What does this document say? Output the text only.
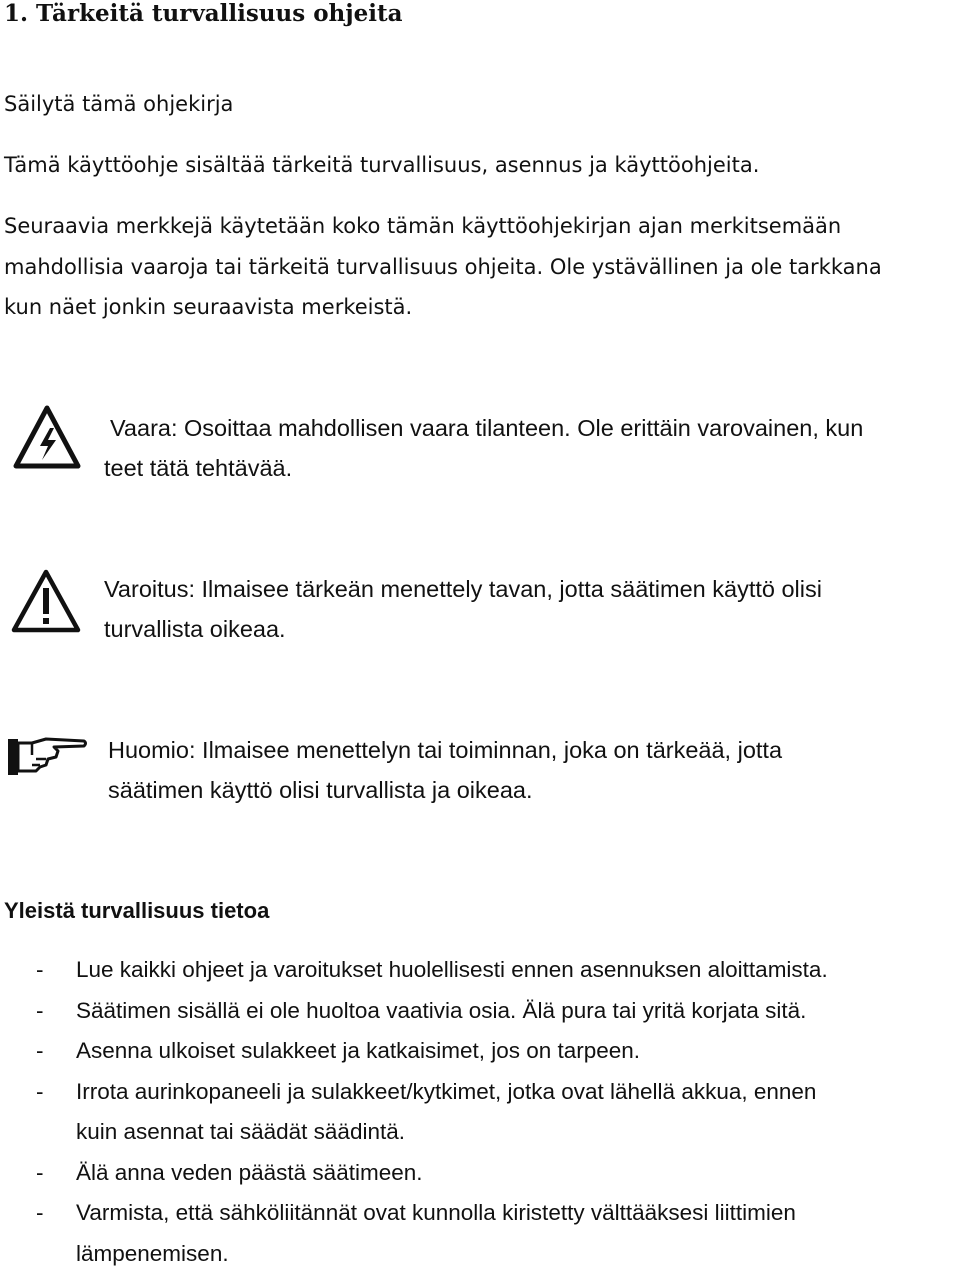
1. Tärkeitä turvallisuus ohjeita
Säilytä tämä ohjekirja
Tämä käyttöohje sisältää tärkeitä turvallisuus, asennus ja käyttöohjeita.
Seuraavia merkkejä käytetään koko tämän käyttöohjekirjan ajan merkitsemään
mahdollisia vaaroja tai tärkeitä turvallisuus ohjeita. Ole ystävällinen ja ole tarkkana
kun näet jonkin seuraavista merkeistä.
Vaara: Osoittaa mahdollisen vaara tilanteen. Ole erittäin varovainen, kun
teet tätä tehtävää.
Varoitus: Ilmaisee tärkeän menettely tavan, jotta säätimen käyttö olisi
turvallista oikeaa.
Huomio: Ilmaisee menettelyn tai toiminnan, joka on tärkeää, jotta
säätimen käyttö olisi turvallista ja oikeaa.
Yleistä turvallisuus tietoa
- Lue kaikki ohjeet ja varoitukset huolellisesti ennen asennuksen aloittamista.
- Säätimen sisällä ei ole huoltoa vaativia osia. Älä pura tai yritä korjata sitä.
- Asenna ulkoiset sulakkeet ja katkaisimet, jos on tarpeen.
- Irrota aurinkopaneeli ja sulakkeet/kytkimet, jotka ovat lähellä akkua, ennen
kuin asennat tai säädät säädintä.
- Älä anna veden päästä säätimeen.
- Varmista, että sähköliitännät ovat kunnolla kiristetty välttääksesi liittimien
lämpenemisen.
